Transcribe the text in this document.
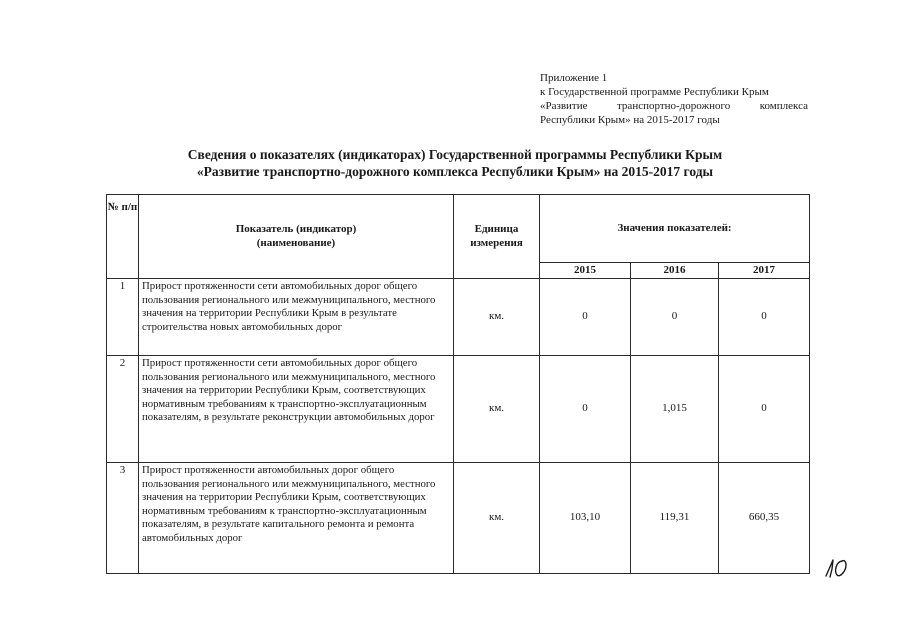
Приложение 1
к Государственной программе Республики Крым
«Развитие транспортно-дорожного комплекса
Республики Крым» на 2015-2017 годы
Сведения о показателях (индикаторах) Государственной программы Республики Крым
«Развитие транспортно-дорожного комплекса Республики Крым» на 2015-2017 годы
№ п/п	Показатель (индикатор) (наименование)	Единица измерения	Значения показателей:		
			2015	2016	2017
1	Прирост протяженности сети автомобильных дорог общего пользования регионального или межмуниципального, местного значения на территории Республики Крым в результате строительства новых автомобильных дорог	км.	0	0	0
2	Прирост протяженности сети автомобильных дорог общего пользования регионального или межмуниципального, местного значения на территории Республики Крым, соответствующих нормативным требованиям к транспортно-эксплуатационным показателям, в результате реконструкции автомобильных дорог	км.	0	1,015	0
3	Прирост протяженности автомобильных дорог общего пользования регионального или межмуниципального, местного значения на территории Республики Крым, соответствующих нормативным требованиям к транспортно-эксплуатационным показателям, в результате капитального ремонта и ремонта автомобильных дорог	км.	103,10	119,31	660,35
